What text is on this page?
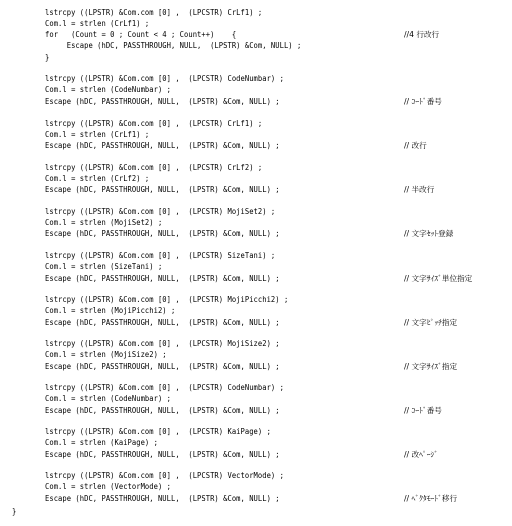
lstrcpy ((LPSTR) &Com.com [0] ,  (LPCSTR) CrLf1) ;
Com.l = strlen (CrLf1) ;
for   (Count = 0 ; Count < 4 ; Count++)    {	//4 行改行
Escape (hDC, PASSTHROUGH, NULL,  (LPSTR) &Com, NULL) ;
}
lstrcpy ((LPSTR) &Com.com [0] ,  (LPCSTR) CodeNumbar) ;
Com.l = strlen (CodeNumbar) ;
Escape (hDC, PASSTHROUGH, NULL,  (LPSTR) &Com, NULL) ;	// ｺｰﾄﾞ番号
lstrcpy ((LPSTR) &Com.com [0] ,  (LPCSTR) CrLf1) ;
Com.l = strlen (CrLf1) ;
Escape (hDC, PASSTHROUGH, NULL,  (LPSTR) &Com, NULL) ;	// 改行
lstrcpy ((LPSTR) &Com.com [0] ,  (LPCSTR) CrLf2) ;
Com.l = strlen (CrLf2) ;
Escape (hDC, PASSTHROUGH, NULL,  (LPSTR) &Com, NULL) ;	// 半改行
lstrcpy ((LPSTR) &Com.com [0] ,  (LPCSTR) MojiSet2) ;
Com.l = strlen (MojiSet2) ;
Escape (hDC, PASSTHROUGH, NULL,  (LPSTR) &Com, NULL) ;	// 文字ｾｯﾄ登録
lstrcpy ((LPSTR) &Com.com [0] ,  (LPCSTR) SizeTani) ;
Com.l = strlen (SizeTani) ;
Escape (hDC, PASSTHROUGH, NULL,  (LPSTR) &Com, NULL) ;	// 文字ｻｲｽﾞ単位指定
lstrcpy ((LPSTR) &Com.com [0] ,  (LPCSTR) MojiPicchi2) ;
Com.l = strlen (MojiPicchi2) ;
Escape (hDC, PASSTHROUGH, NULL,  (LPSTR) &Com, NULL) ;	// 文字ﾋﾟｯﾁ指定
lstrcpy ((LPSTR) &Com.com [0] ,  (LPCSTR) MojiSize2) ;
Com.l = strlen (MojiSize2) ;
Escape (hDC, PASSTHROUGH, NULL,  (LPSTR) &Com, NULL) ;	// 文字ｻｲｽﾞ指定
lstrcpy ((LPSTR) &Com.com [0] ,  (LPCSTR) CodeNumbar) ;
Com.l = strlen (CodeNumbar) ;
Escape (hDC, PASSTHROUGH, NULL,  (LPSTR) &Com, NULL) ;	// ｺｰﾄﾞ番号
lstrcpy ((LPSTR) &Com.com [0] ,  (LPCSTR) KaiPage) ;
Com.l = strlen (KaiPage) ;
Escape (hDC, PASSTHROUGH, NULL,  (LPSTR) &Com, NULL) ;	// 改ﾍﾟｰｼﾞ
lstrcpy ((LPSTR) &Com.com [0] ,  (LPCSTR) VectorMode) ;
Com.l = strlen (VectorMode) ;
Escape (hDC, PASSTHROUGH, NULL,  (LPSTR) &Com, NULL) ;	// ﾍﾞｸﾀﾓｰﾄﾞ移行
}
